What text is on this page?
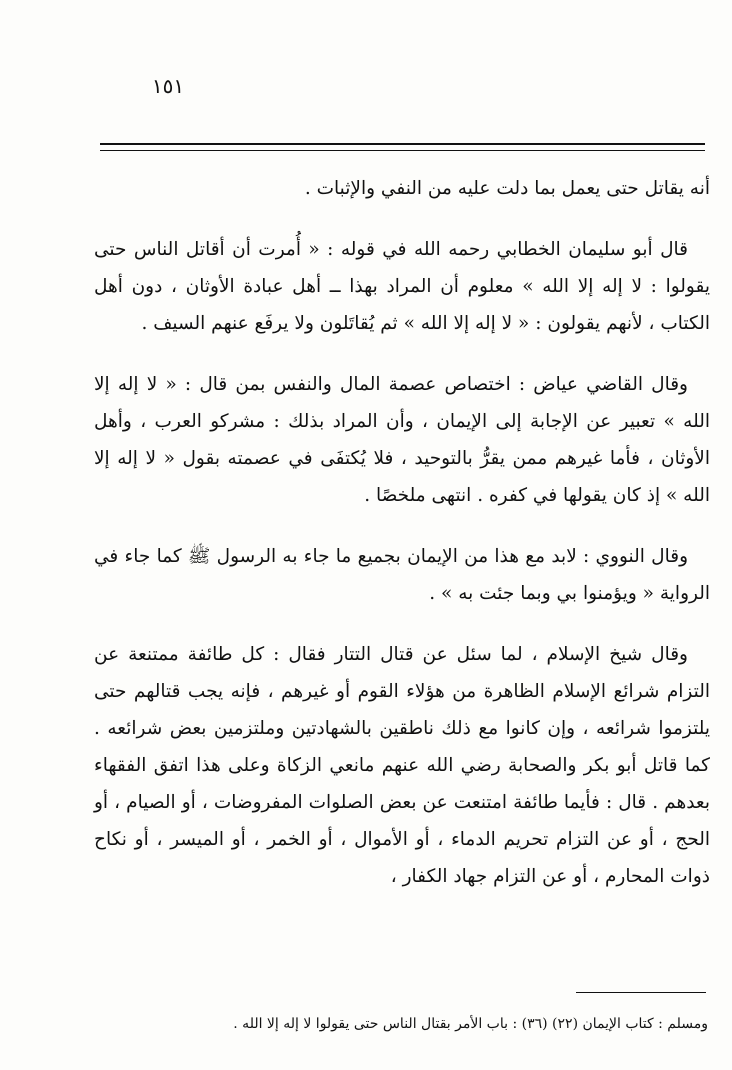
١٥١

أنه يقاتل حتى يعمل بما دلت عليه من النفي والإثبات .

قال أبو سليمان الخطابي رحمه الله في قوله : « أُمرت أن أقاتل الناس حتى يقولوا : لا إله إلا الله » معلوم أن المراد بهذا ــ أهل عبادة الأوثان ، دون أهل الكتاب ، لأنهم يقولون : « لا إله إلا الله » ثم يُقاتَلون ولا يرفَع عنهم السيف .

وقال القاضي عياض : اختصاص عصمة المال والنفس بمن قال : « لا إله إلا الله » تعبير عن الإجابة إلى الإيمان ، وأن المراد بذلك : مشركو العرب ، وأهل الأوثان ، فأما غيرهم ممن يقرُّ بالتوحيد ، فلا يُكتفَى في عصمته بقول « لا إله إلا الله » إذ كان يقولها في كفره . انتهى ملخصًا .

وقال النووي : لابد مع هذا من الإيمان بجميع ما جاء به الرسول ﷺ كما جاء في الرواية « ويؤمنوا بي وبما جئت به » .

وقال شيخ الإسلام ، لما سئل عن قتال التتار فقال : كل طائفة ممتنعة عن التزام شرائع الإسلام الظاهرة من هؤلاء القوم أو غيرهم ، فإنه يجب قتالهم حتى يلتزموا شرائعه ، وإن كانوا مع ذلك ناطقين بالشهادتين وملتزمين بعض شرائعه . كما قاتل أبو بكر والصحابة رضي الله عنهم مانعي الزكاة وعلى هذا اتفق الفقهاء بعدهم . قال : فأيما طائفة امتنعت عن بعض الصلوات المفروضات ، أو الصيام ، أو الحج ، أو عن التزام تحريم الدماء ، أو الأموال ، أو الخمر ، أو الميسر ، أو نكاح ذوات المحارم ، أو عن التزام جهاد الكفار ،

ومسلم : كتاب الإيمان (٢٢) (٣٦) : باب الأمر بقتال الناس حتى يقولوا لا إله إلا الله .
